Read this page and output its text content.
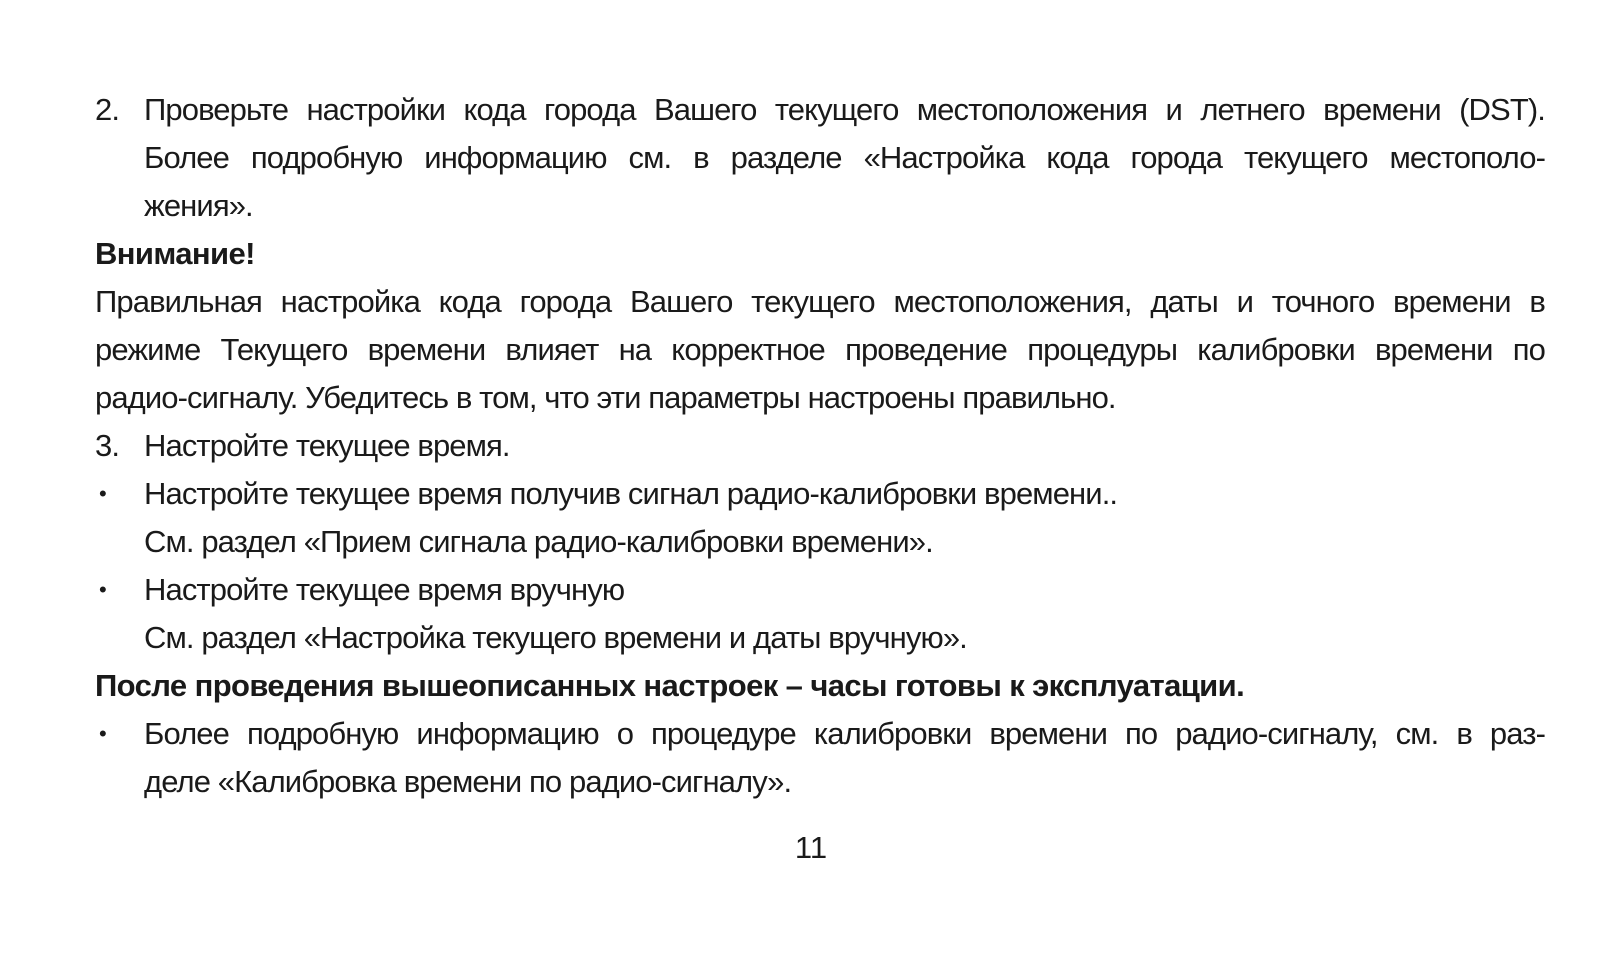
2. Проверьте настройки кода города Вашего текущего местоположения и летнего времени (DST).
Более подробную информацию см. в разделе «Настройка кода города текущего местополо-
жения».
Внимание!
Правильная настройка кода города Вашего текущего местоположения, даты и точного времени в
режиме Текущего времени влияет на корректное проведение процедуры калибровки времени по
радио-сигналу. Убедитесь в том, что эти параметры настроены правильно.
3. Настройте текущее время.
• Настройте текущее время получив сигнал радио-калибровки времени..
См. раздел «Прием сигнала радио-калибровки времени».
• Настройте текущее время вручную
См. раздел «Настройка текущего времени и даты вручную».
После проведения вышеописанных настроек – часы готовы к эксплуатации.
• Более подробную информацию о процедуре калибровки времени по радио-сигналу, см. в раз-
деле «Калибровка времени по радио-сигналу».
11
